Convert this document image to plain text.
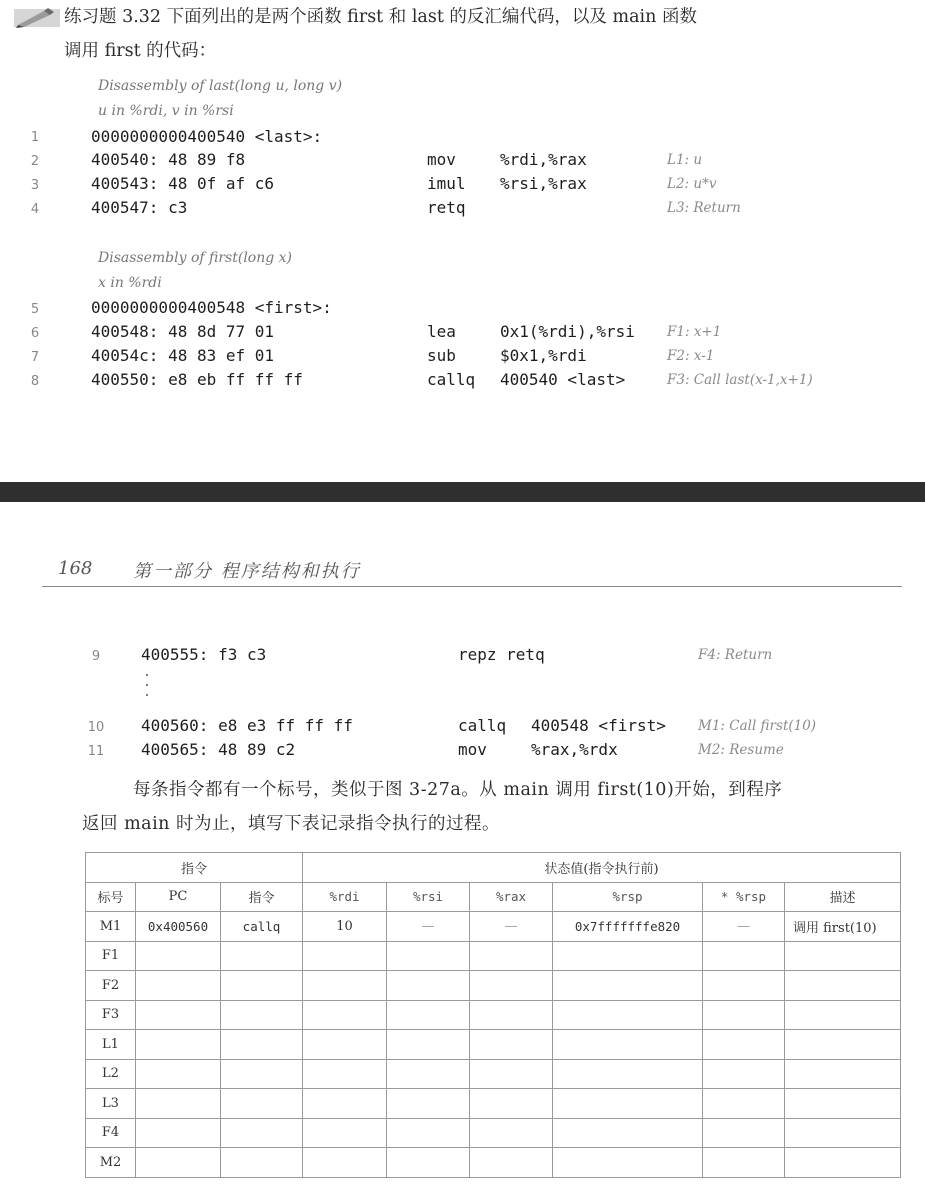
练习题 3.32 下面列出的是两个函数 first 和 last 的反汇编代码，以及 main 函数
调用 first 的代码：
Disassembly of last(long u, long v)
u in %rdi, v in %rsi
1	0000000000400540 <last>:
2	400540: 48 89 f8	mov	%rdi,%rax	L1: u
3	400543: 48 0f af c6	imul %rsi,%rax	L2: u*v
4	400547: c3	retq	L3: Return
Disassembly of first(long x)
x in %rdi
5	0000000000400548 <first>:
6	400548: 48 8d 77 01	lea	0x1(%rdi),%rsi F1: x+1
7	40054c: 48 83 ef 01	sub	$0x1,%rdi	F2: x-1
8	400550: e8 eb ff ff ff	callq 400540 <last>	F3: Call last(x-1,x+1)
168 第一部分 程序结构和执行
9	400555: f3 c3	repz retq	F4: Return
10 400560: e8 e3 ff ff ff	callq 400548 <first> M1: Call first(10)
11 400565: 48 89 c2	mov	%rax,%rdx	M2: Resume
每条指令都有一个标号，类似于图 3-27a。从 main 调用 first(10)开始，到程序
返回 main 时为止，填写下表记录指令执行的过程。
指令			状态值(指令执行前)					
标号	PC	指令	%rdi	%rsi	%rax	%rsp	* %rsp	描述
M1	0x400560	callq	10	—	—	0x7fffffffe820	—	调用 first(10)
F1								
F2								
F3								
L1								
L2								
L3								
F4								
M2								
